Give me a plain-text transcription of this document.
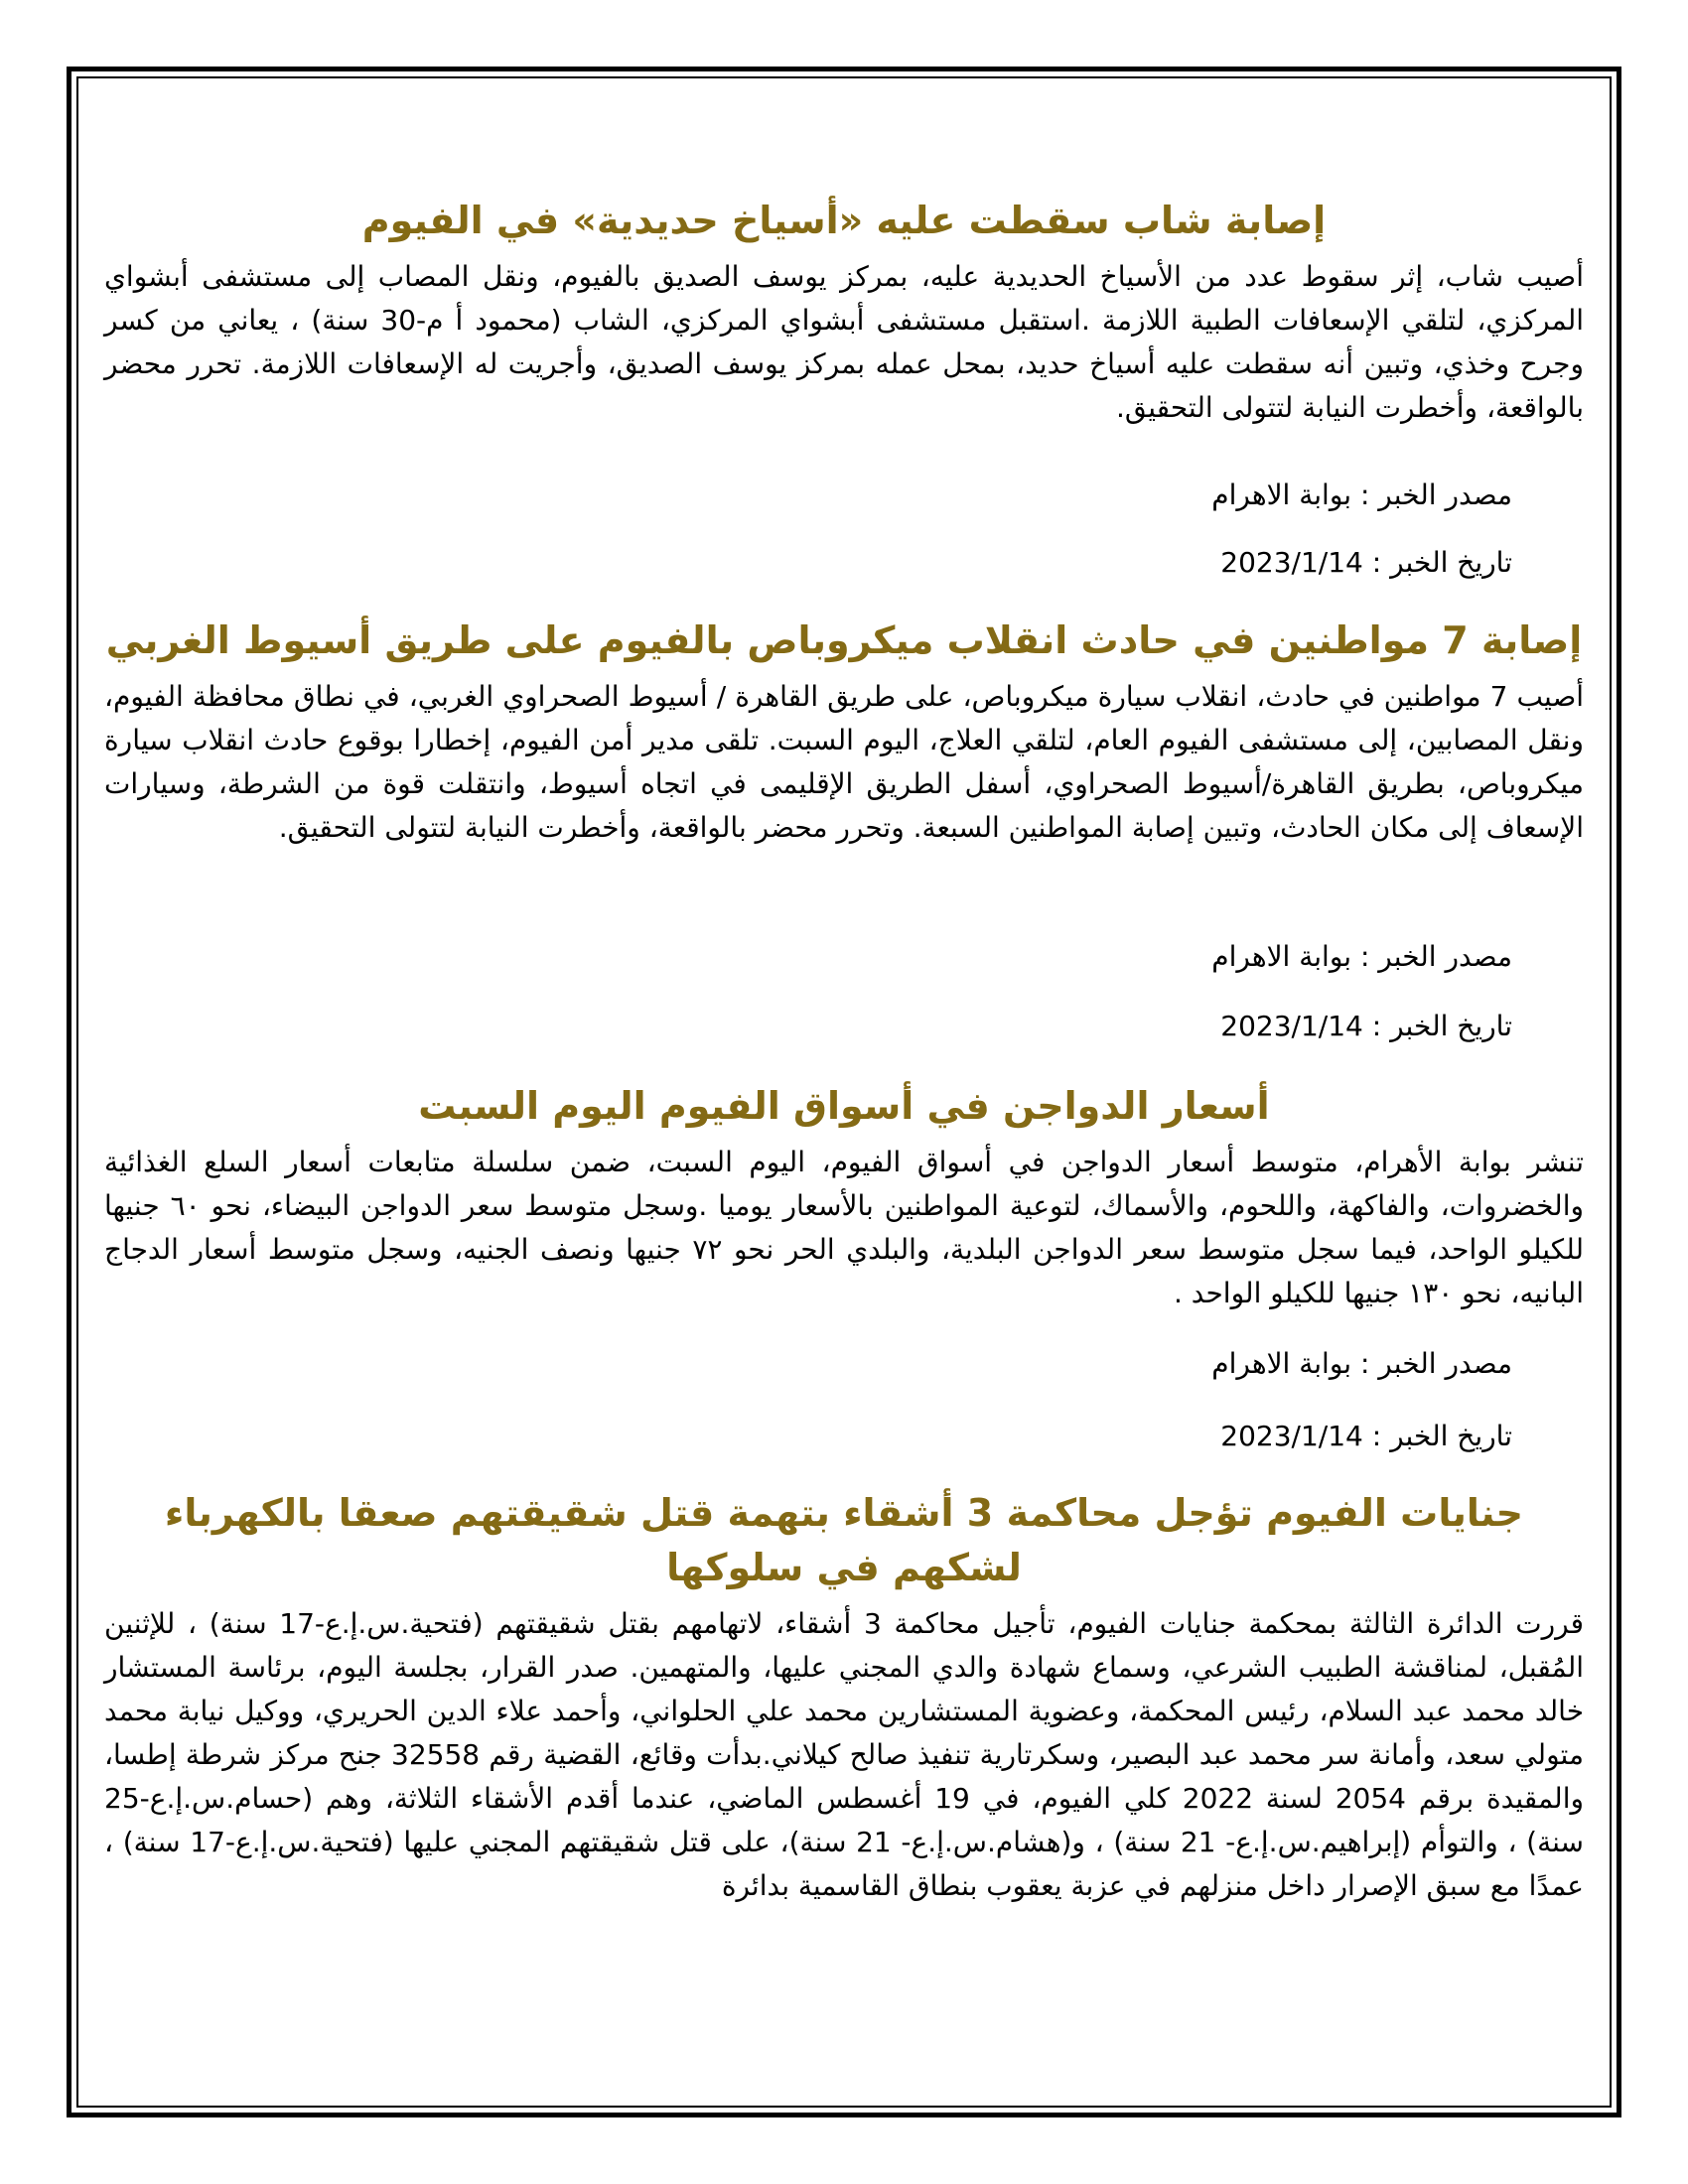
إصابة شاب سقطت عليه «أسياخ حديدية» في الفيوم

أصيب شاب، إثر سقوط عدد من الأسياخ الحديدية عليه، بمركز يوسف الصديق بالفيوم، ونقل المصاب إلى مستشفى أبشواي المركزي، لتلقي الإسعافات الطبية اللازمة .استقبل مستشفى أبشواي المركزي، الشاب (محمود أ م-30 سنة) ، يعاني من كسر وجرح وخذي، وتبين أنه سقطت عليه أسياخ حديد، بمحل عمله بمركز يوسف الصديق، وأجريت له الإسعافات اللازمة. تحرر محضر بالواقعة، وأخطرت النيابة لتتولى التحقيق.

مصدر الخبر : بوابة الاهرام

تاريخ الخبر : 2023/1/14

إصابة 7 مواطنين في حادث انقلاب ميكروباص بالفيوم على طريق أسيوط الغربي

أصيب 7 مواطنين في حادث، انقلاب سيارة ميكروباص، على طريق القاهرة / أسيوط الصحراوي الغربي، في نطاق محافظة الفيوم، ونقل المصابين، إلى مستشفى الفيوم العام، لتلقي العلاج، اليوم السبت. تلقى مدير أمن الفيوم، إخطارا بوقوع حادث انقلاب سيارة ميكروباص، بطريق القاهرة/أسيوط الصحراوي، أسفل الطريق الإقليمى في اتجاه أسيوط، وانتقلت قوة من الشرطة، وسيارات الإسعاف إلى مكان الحادث، وتبين إصابة المواطنين السبعة. وتحرر محضر بالواقعة، وأخطرت النيابة لتتولى التحقيق.

مصدر الخبر : بوابة الاهرام

تاريخ الخبر : 2023/1/14

أسعار الدواجن في أسواق الفيوم اليوم السبت

تنشر بوابة الأهرام، متوسط أسعار الدواجن في أسواق الفيوم، اليوم السبت، ضمن سلسلة متابعات أسعار السلع الغذائية والخضروات، والفاكهة، واللحوم، والأسماك، لتوعية المواطنين بالأسعار يوميا .وسجل متوسط سعر الدواجن البيضاء، نحو ٦٠ جنيها للكيلو الواحد، فيما سجل متوسط سعر الدواجن البلدية، والبلدي الحر نحو ٧٢ جنيها ونصف الجنيه، وسجل متوسط أسعار الدجاج البانيه، نحو ١٣٠ جنيها للكيلو الواحد .

مصدر الخبر : بوابة الاهرام

تاريخ الخبر : 2023/1/14

جنايات الفيوم تؤجل محاكمة 3 أشقاء بتهمة قتل شقيقتهم صعقا بالكهرباء لشكهم في سلوكها

قررت الدائرة الثالثة بمحكمة جنايات الفيوم، تأجيل محاكمة 3 أشقاء، لاتهامهم بقتل شقيقتهم (فتحية.س.إ.ع-17 سنة) ، للإثنين المُقبل، لمناقشة الطبيب الشرعي، وسماع شهادة والدي المجني عليها، والمتهمين. صدر القرار، بجلسة اليوم، برئاسة المستشار خالد محمد عبد السلام، رئيس المحكمة، وعضوية المستشارين محمد علي الحلواني، وأحمد علاء الدين الحريري، ووكيل نيابة محمد متولي سعد، وأمانة سر محمد عبد البصير، وسكرتارية تنفيذ صالح كيلاني.بدأت وقائع، القضية رقم 32558 جنح مركز شرطة إطسا، والمقيدة برقم 2054 لسنة 2022 كلي الفيوم، في 19 أغسطس الماضي، عندما أقدم الأشقاء الثلاثة، وهم (حسام.س.إ.ع-25 سنة) ، والتوأم (إبراهيم.س.إ.ع- 21 سنة) ، و(هشام.س.إ.ع- 21 سنة)، على قتل شقيقتهم المجني عليها (فتحية.س.إ.ع-17 سنة) ، عمدًا مع سبق الإصرار داخل منزلهم في عزبة يعقوب بنطاق القاسمية بدائرة
